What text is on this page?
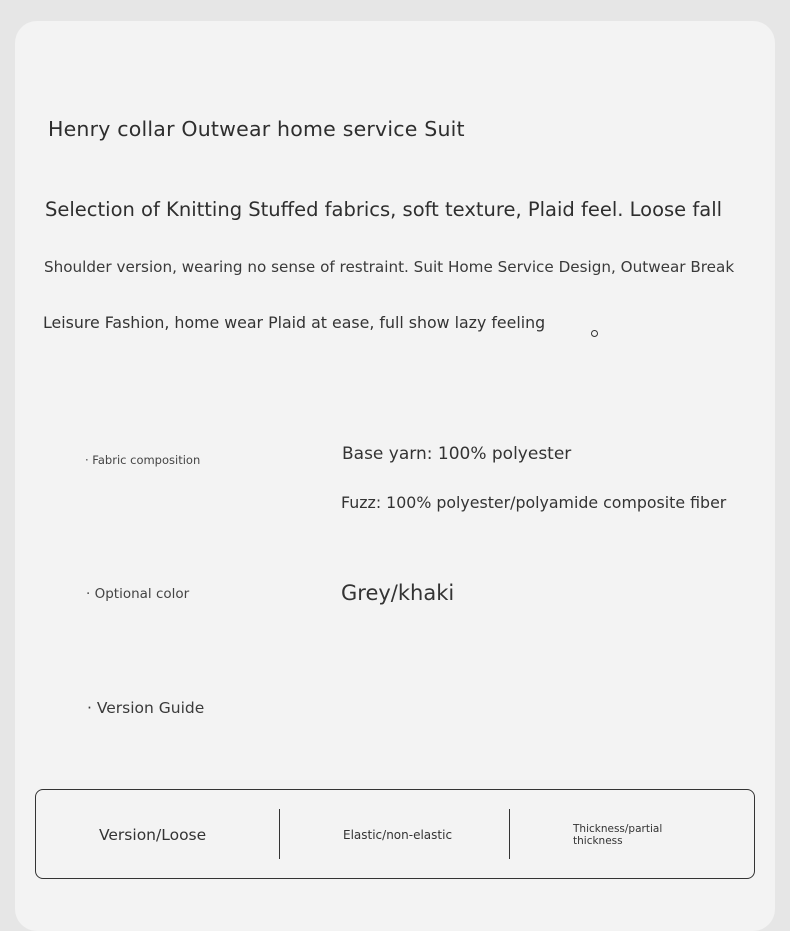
Henry collar Outwear home service Suit
Selection of Knitting Stuffed fabrics, soft texture, Plaid feel. Loose fall
Shoulder version, wearing no sense of restraint. Suit Home Service Design, Outwear Break
Leisure Fashion, home wear Plaid at ease, full show lazy feeling
· Fabric composition	Base yarn: 100% polyester
Fuzz: 100% polyester/polyamide composite fiber
· Optional color	Grey/khaki
· Version Guide
Version/Loose	Elastic/non-elastic	Thickness/partial thickness
